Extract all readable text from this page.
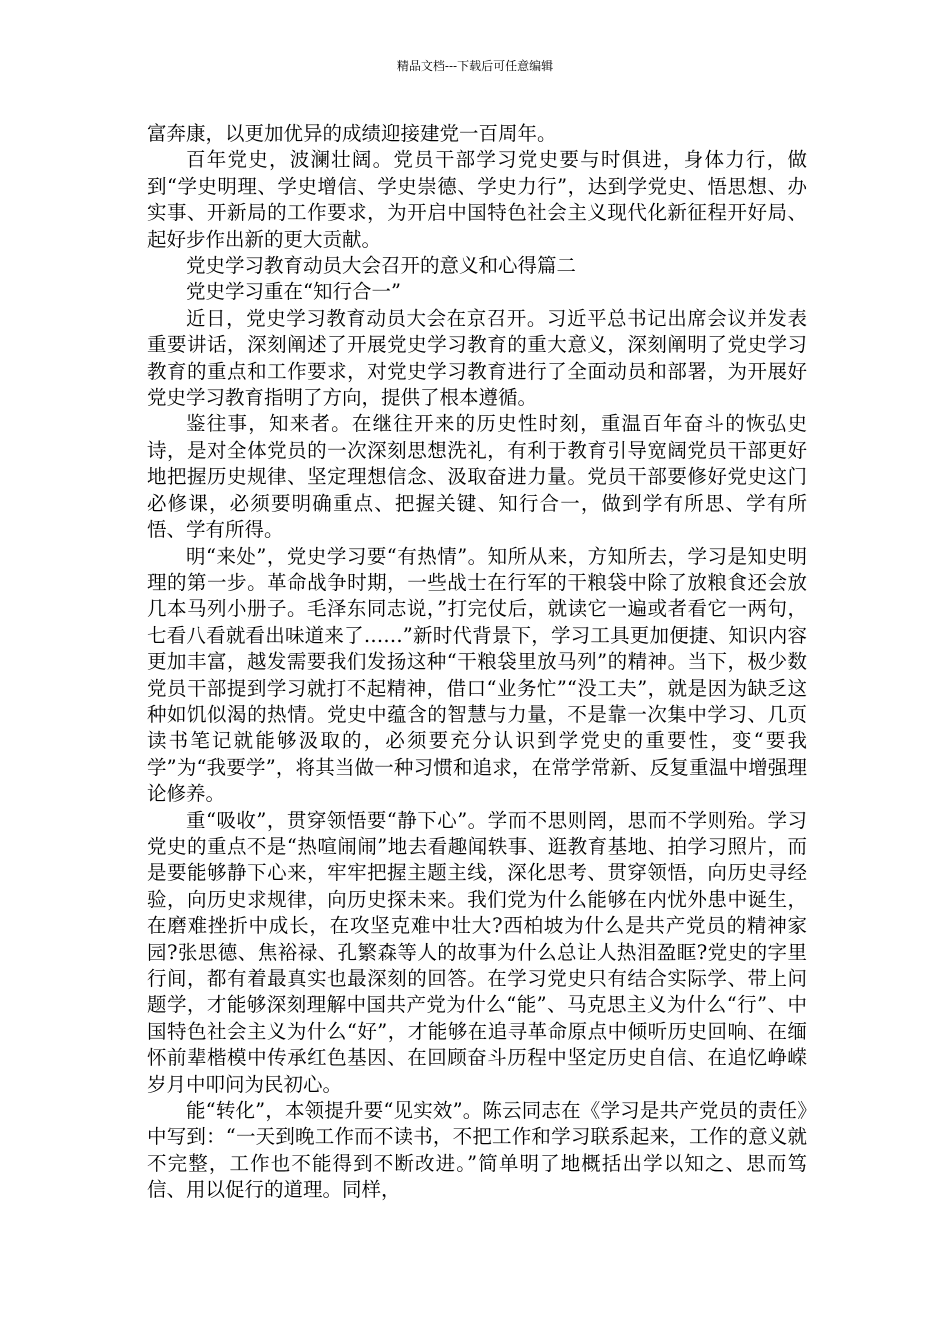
精品文档---下载后可任意编辑

富奔康，以更加优异的成绩迎接建党一百周年。

百年党史，波澜壮阔。党员干部学习党史要与时俱进，身体力行，做到“学史明理、学史增信、学史崇德、学史力行”，达到学党史、悟思想、办实事、开新局的工作要求，为开启中国特色社会主义现代化新征程开好局、起好步作出新的更大贡献。

党史学习教育动员大会召开的意义和心得篇二

党史学习重在“知行合一”

近日，党史学习教育动员大会在京召开。习近平总书记出席会议并发表重要讲话，深刻阐述了开展党史学习教育的重大意义，深刻阐明了党史学习教育的重点和工作要求，对党史学习教育进行了全面动员和部署，为开展好党史学习教育指明了方向，提供了根本遵循。

鉴往事，知来者。在继往开来的历史性时刻，重温百年奋斗的恢弘史诗，是对全体党员的一次深刻思想洗礼，有利于教育引导宽阔党员干部更好地把握历史规律、坚定理想信念、汲取奋进力量。党员干部要修好党史这门必修课，必须要明确重点、把握关键、知行合一，做到学有所思、学有所悟、学有所得。

明“来处”，党史学习要“有热情”。知所从来，方知所去，学习是知史明理的第一步。革命战争时期，一些战士在行军的干粮袋中除了放粮食还会放几本马列小册子。毛泽东同志说，”打完仗后，就读它一遍或者看它一两句，七看八看就看出味道来了……”新时代背景下，学习工具更加便捷、知识内容更加丰富，越发需要我们发扬这种“干粮袋里放马列”的精神。当下，极少数党员干部提到学习就打不起精神，借口“业务忙”“没工夫”，就是因为缺乏这种如饥似渴的热情。党史中蕴含的智慧与力量，不是靠一次集中学习、几页读书笔记就能够汲取的，必须要充分认识到学党史的重要性，变“要我学”为“我要学”，将其当做一种习惯和追求，在常学常新、反复重温中增强理论修养。

重“吸收”，贯穿领悟要“静下心”。学而不思则罔，思而不学则殆。学习党史的重点不是“热喧闹闹”地去看趣闻轶事、逛教育基地、拍学习照片，而是要能够静下心来，牢牢把握主题主线，深化思考、贯穿领悟，向历史寻经验，向历史求规律，向历史探未来。我们党为什么能够在内忧外患中诞生，在磨难挫折中成长，在攻坚克难中壮大?西柏坡为什么是共产党员的精神家园?张思德、焦裕禄、孔繁森等人的故事为什么总让人热泪盈眶?党史的字里行间，都有着最真实也最深刻的回答。在学习党史只有结合实际学、带上问题学，才能够深刻理解中国共产党为什么“能”、马克思主义为什么“行”、中国特色社会主义为什么“好”，才能够在追寻革命原点中倾听历史回响、在缅怀前辈楷模中传承红色基因、在回顾奋斗历程中坚定历史自信、在追忆峥嵘岁月中叩问为民初心。

能“转化”，本领提升要“见实效”。陈云同志在《学习是共产党员的责任》中写到：“一天到晚工作而不读书，不把工作和学习联系起来，工作的意义就不完整，工作也不能得到不断改进。”简单明了地概括出学以知之、思而笃信、用以促行的道理。同样，
